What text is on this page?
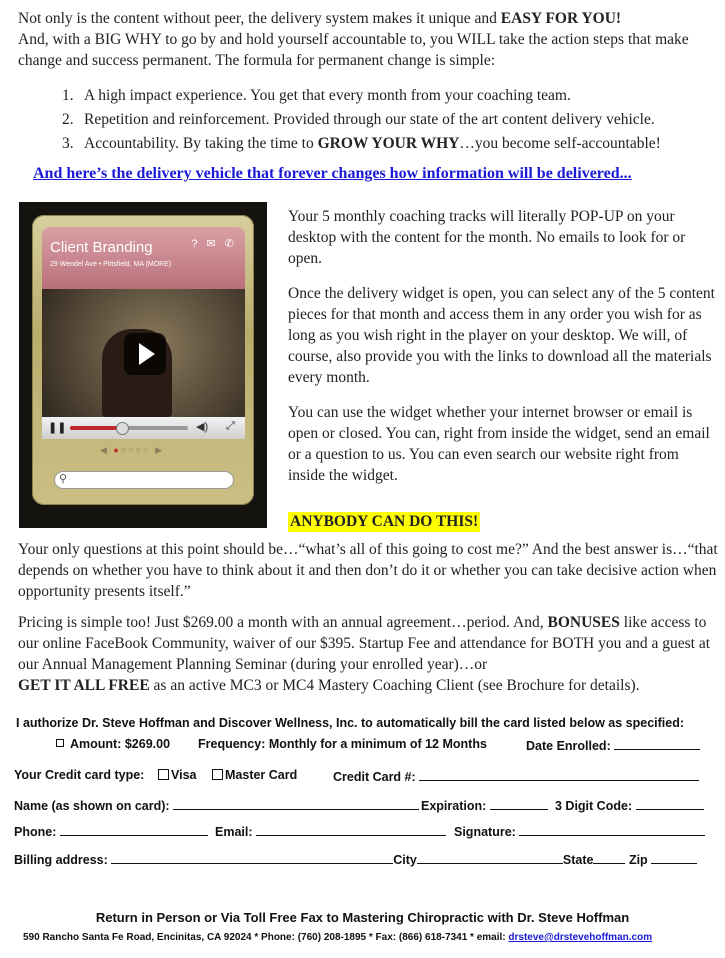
Not only is the content without peer, the delivery system makes it unique and EASY FOR YOU!
And, with a BIG WHY to go by and hold yourself accountable to, you WILL take the action steps that make change and success permanent. The formula for permanent change is simple:
1. A high impact experience. You get that every month from your coaching team.
2. Repetition and reinforcement. Provided through our state of the art content delivery vehicle.
3. Accountability. By taking the time to GROW YOUR WHY…you become self-accountable!
And here’s the delivery vehicle that forever changes how information will be delivered...
Client Branding
29 Wendel Ave • Pittsfield, MA (MORE)
? ✉ ✆
❚❚	◀) ⤢
◀ ●○○○○ ▶
⚲

Your 5 monthly coaching tracks will literally POP-UP on your desktop with the content for the month. No emails to look for or open.

Once the delivery widget is open, you can select any of the 5 content pieces for that month and access them in any order you wish for as long as you wish right in the player on your desktop. We will, of course, also provide you with the links to download all the materials every month.

You can use the widget whether your internet browser or email is open or closed. You can, right from inside the widget, send an email or a question to us. You can even search our website right from inside the widget.

ANYBODY CAN DO THIS!
Your only questions at this point should be…“what’s all of this going to cost me?” And the best answer is…“that depends on whether you have to think about it and then don’t do it or whether you can take decisive action when opportunity presents itself.”
Pricing is simple too! Just $269.00 a month with an annual agreement…period. And, BONUSES like access to our online FaceBook Community, waiver of our $395. Startup Fee and attendance for BOTH you and a guest at our Annual Management Planning Seminar (during your enrolled year)…or
GET IT ALL FREE as an active MC3 or MC4 Mastery Coaching Client (see Brochure for details).
I authorize Dr. Steve Hoffman and Discover Wellness, Inc. to automatically bill the card listed below as specified:
Amount: $269.00 Frequency: Monthly for a minimum of 12 Months	Date Enrolled:
Your Credit card type:	Visa	Master Card	Credit Card #:
Name (as shown on card):	Expiration:	3 Digit Code:
Phone:	Email:	Signature:
Billing address:	City	State	Zip
Return in Person or Via Toll Free Fax to Mastering Chiropractic with Dr. Steve Hoffman
590 Rancho Santa Fe Road, Encinitas, CA 92024 * Phone: (760) 208-1895 * Fax: (866) 618-7341 * email: drsteve@drstevehoffman.com
